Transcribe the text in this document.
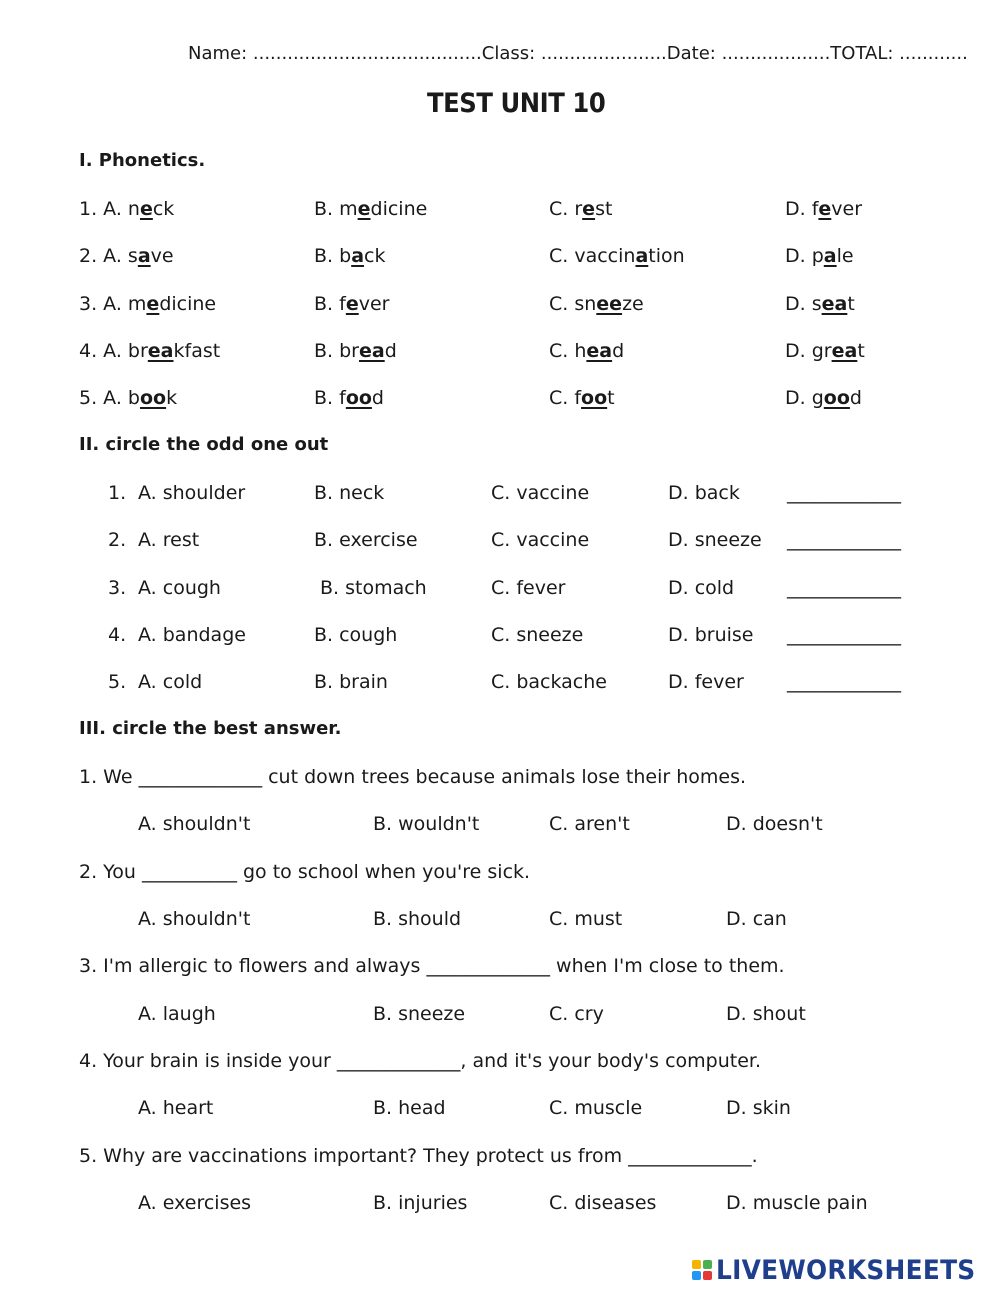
Name: ........................................Class: ......................Date: ...................TOTAL: ............
TEST UNIT 10
I. Phonetics.
1. A. neck	B. medicine	C. rest	D. fever
2. A. save	B. back	C. vaccination	D. pale
3. A. medicine	B. fever	C. sneeze	D. seat
4. A. breakfast	B. bread	C. head	D. great
5. A. book	B. food	C. foot	D. good
II. circle the odd one out
1. A. shoulder	B. neck	C. vaccine	D. back ____________
2. A. rest	B. exercise	C. vaccine	D. sneeze ____________
3. A. cough	B. stomach	C. fever	D. cold	____________
4. A. bandage	B. cough	C. sneeze	D. bruise ____________
5. A. cold	B. brain	C. backache	D. fever ____________
III. circle the best answer.
1. We _____________ cut down trees because animals lose their homes.
A. shouldn't	B. wouldn't	C. aren't	D. doesn't
2. You __________ go to school when you're sick.
A. shouldn't	B. should	C. must	D. can
3. I'm allergic to flowers and always _____________ when I'm close to them.
A. laugh	B. sneeze	C. cry	D. shout
4. Your brain is inside your _____________, and it's your body's computer.
A. heart	B. head	C. muscle	D. skin
5. Why are vaccinations important? They protect us from _____________.
A. exercises	B. injuries	C. diseases	D. muscle pain
LIVEWORKSHEETS
